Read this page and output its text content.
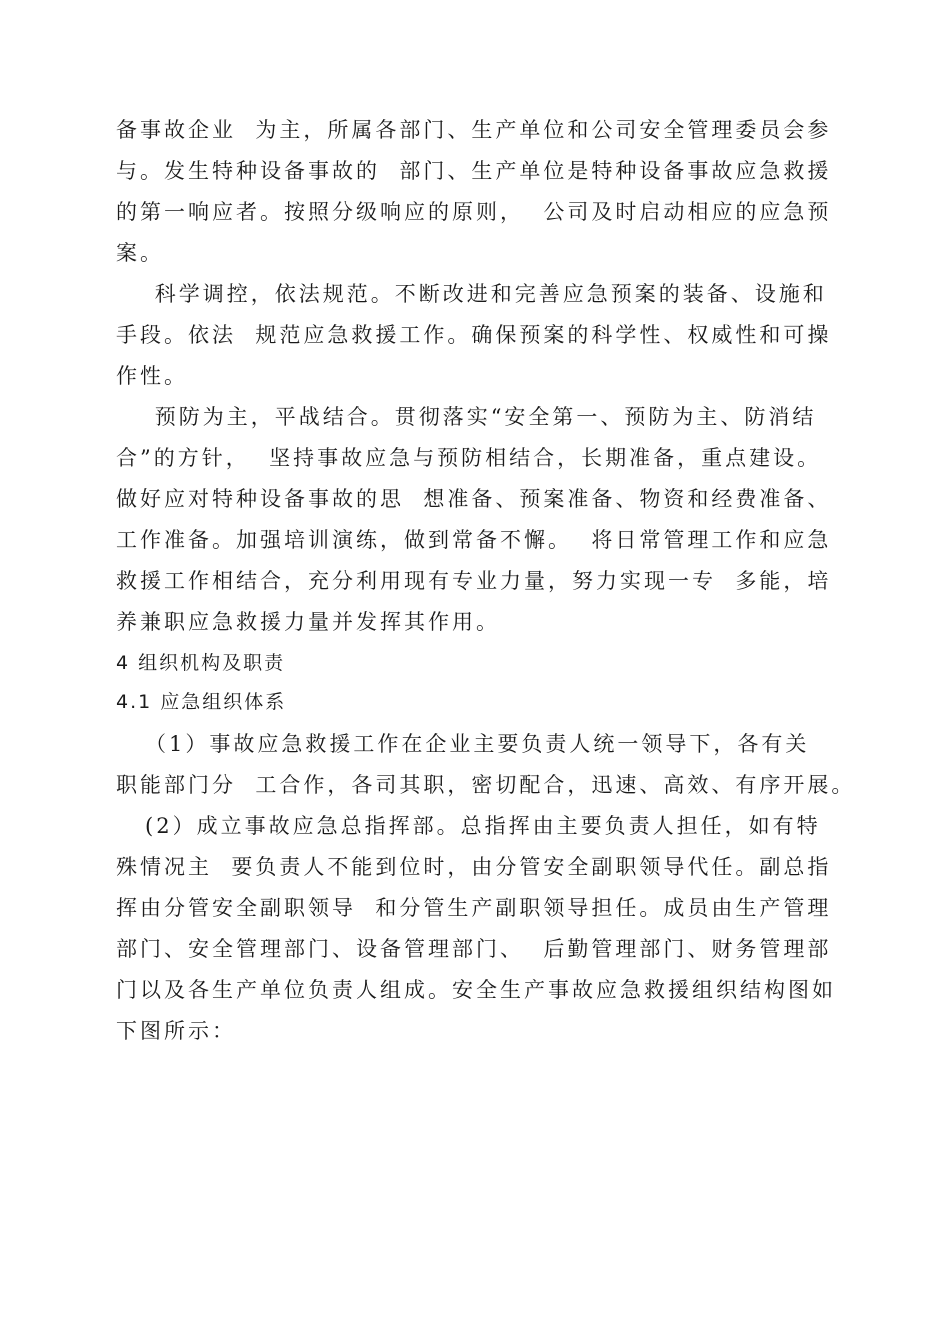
备事故企业  为主，所属各部门、生产单位和公司安全管理委员会参
与。发生特种设备事故的  部门、生产单位是特种设备事故应急救援
的第一响应者。按照分级响应的原则，  公司及时启动相应的应急预
案。
科学调控，依法规范。不断改进和完善应急预案的装备、设施和
手段。依法  规范应急救援工作。确保预案的科学性、权威性和可操
作性。
预防为主，平战结合。贯彻落实“安全第一、预防为主、防消结
合”的方针，  坚持事故应急与预防相结合，长期准备，重点建设。
做好应对特种设备事故的思  想准备、预案准备、物资和经费准备、
工作准备。加强培训演练，做到常备不懈。  将日常管理工作和应急
救援工作相结合，充分利用现有专业力量，努力实现一专  多能，培
养兼职应急救援力量并发挥其作用。
4 组织机构及职责
4.1 应急组织体系
（1）事故应急救援工作在企业主要负责人统一领导下，各有关
职能部门分  工合作，各司其职，密切配合，迅速、高效、有序开展。
(2）成立事故应急总指挥部。总指挥由主要负责人担任，如有特
殊情况主  要负责人不能到位时，由分管安全副职领导代任。副总指
挥由分管安全副职领导  和分管生产副职领导担任。成员由生产管理
部门、安全管理部门、设备管理部门、  后勤管理部门、财务管理部
门以及各生产单位负责人组成。安全生产事故应急救援组织结构图如
下图所示：
